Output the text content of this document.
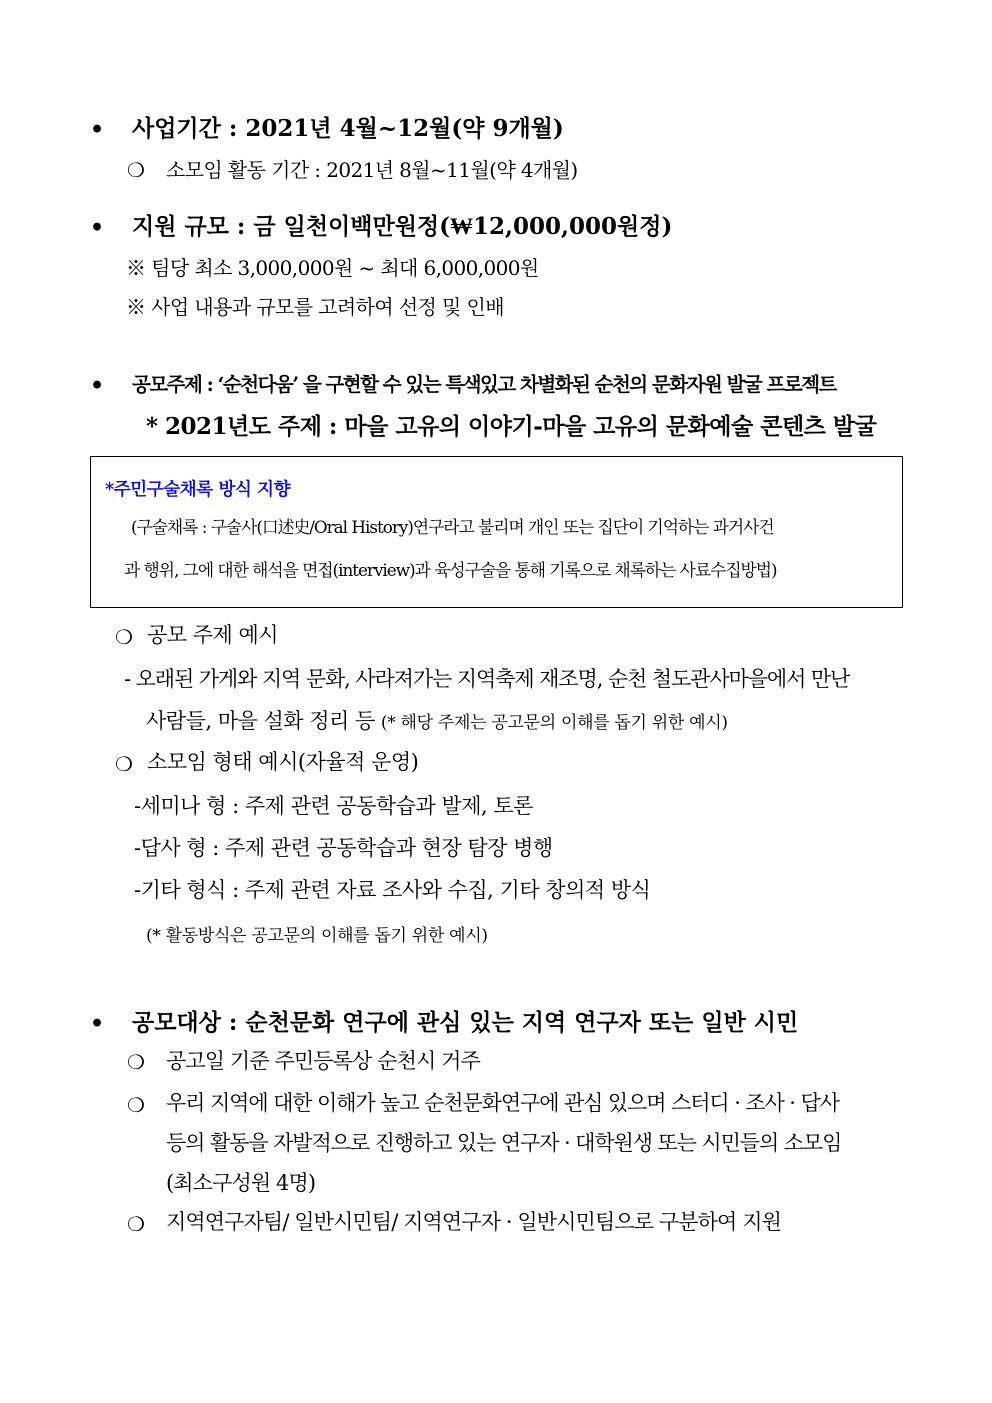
• 사업기간 : 2021년 4월~12월(약 9개월)
❍ 소모임 활동 기간 : 2021년 8월~11월(약 4개월)
• 지원 규모 : 금 일천이백만원정(₩12,000,000원정)
※ 팀당 최소 3,000,000원 ~ 최대 6,000,000원
※ 사업 내용과 규모를 고려하여 선정 및 인배
• 공모주제 : ‘순천다움’ 을 구현할 수 있는 특색있고 차별화된 순천의 문화자원 발굴 프로젝트
* 2021년도 주제 : 마을 고유의 이야기-마을 고유의 문화예술 콘텐츠 발굴
*주민구술채록 방식 지향
(구술채록 : 구술사(口述史/Oral History)연구라고 불리며 개인 또는 집단이 기억하는 과거사건
과 행위, 그에 대한 해석을 면접(interview)과 육성구술을 통해 기록으로 채록하는 사료수집방법)
❍ 공모 주제 예시
- 오래된 가게와 지역 문화, 사라져가는 지역축제 재조명, 순천 철도관사마을에서 만난
사람들, 마을 설화 정리 등 (* 해당 주제는 공고문의 이해를 돕기 위한 예시)
❍ 소모임 형태 예시(자율적 운영)
-세미나 형 : 주제 관련 공동학습과 발제, 토론
-답사 형 : 주제 관련 공동학습과 현장 탐장 병행
-기타 형식 : 주제 관련 자료 조사와 수집, 기타 창의적 방식
(* 활동방식은 공고문의 이해를 돕기 위한 예시)
• 공모대상 : 순천문화 연구에 관심 있는 지역 연구자 또는 일반 시민
❍ 공고일 기준 주민등록상 순천시 거주
❍ 우리 지역에 대한 이해가 높고 순천문화연구에 관심 있으며 스터디 · 조사 · 답사
등의 활동을 자발적으로 진행하고 있는 연구자 · 대학원생 또는 시민들의 소모임
(최소구성원 4명)
❍ 지역연구자팀/ 일반시민팀/ 지역연구자 · 일반시민팀으로 구분하여 지원
